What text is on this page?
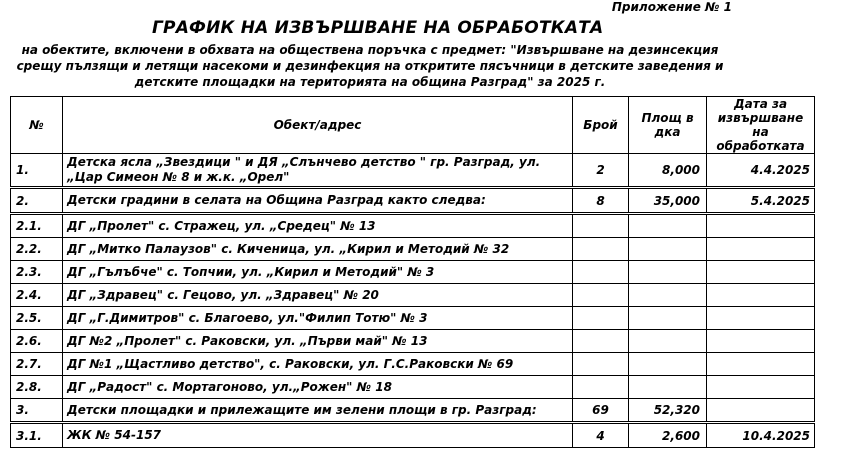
Приложение № 1
ГРАФИК НА ИЗВЪРШВАНЕ НА ОБРАБОТКАТА
на обектите, включени в обхвата на обществена поръчка с предмет: "Извършване на дезинсекция срещу пълзящи и летящи насекоми и дезинфекция на откритите пясъчници в детските заведения и детските площадки на територията на община Разград" за 2025 г.
№	Обект/адрес	Брой	Площ в дка	Дата за извършване на обработката
1.	Детска ясла „Звездици " и ДЯ „Слънчево детство " гр. Разград, ул. „Цар Симеон № 8 и ж.к. „Орел"	2	8,000	4.4.2025
2.	Детски градини в селата на Община Разград както следва:	8	35,000	5.4.2025
2.1.	ДГ „Пролет" с. Стражец, ул. „Средец" № 13			
2.2.	ДГ „Митко Палаузов" с. Киченица, ул. „Кирил и Методий № 32			
2.3.	ДГ „Гълъбче" с. Топчии, ул. „Кирил и Методий" № 3			
2.4.	ДГ „Здравец" с. Гецово, ул. „Здравец" № 20			
2.5.	ДГ „Г.Димитров" с. Благоево, ул."Филип Тотю" № 3			
2.6.	ДГ №2 „Пролет" с. Раковски, ул. „Първи май" № 13			
2.7.	ДГ №1 „Щастливо детство", с. Раковски, ул. Г.С.Раковски № 69			
2.8.	ДГ „Радост" с. Мортагоново, ул.„Рожен" № 18			
3.	Детски площадки и прилежащите им зелени площи в гр. Разград:	69	52,320	
3.1.	ЖК № 54-157	4	2,600	10.4.2025
